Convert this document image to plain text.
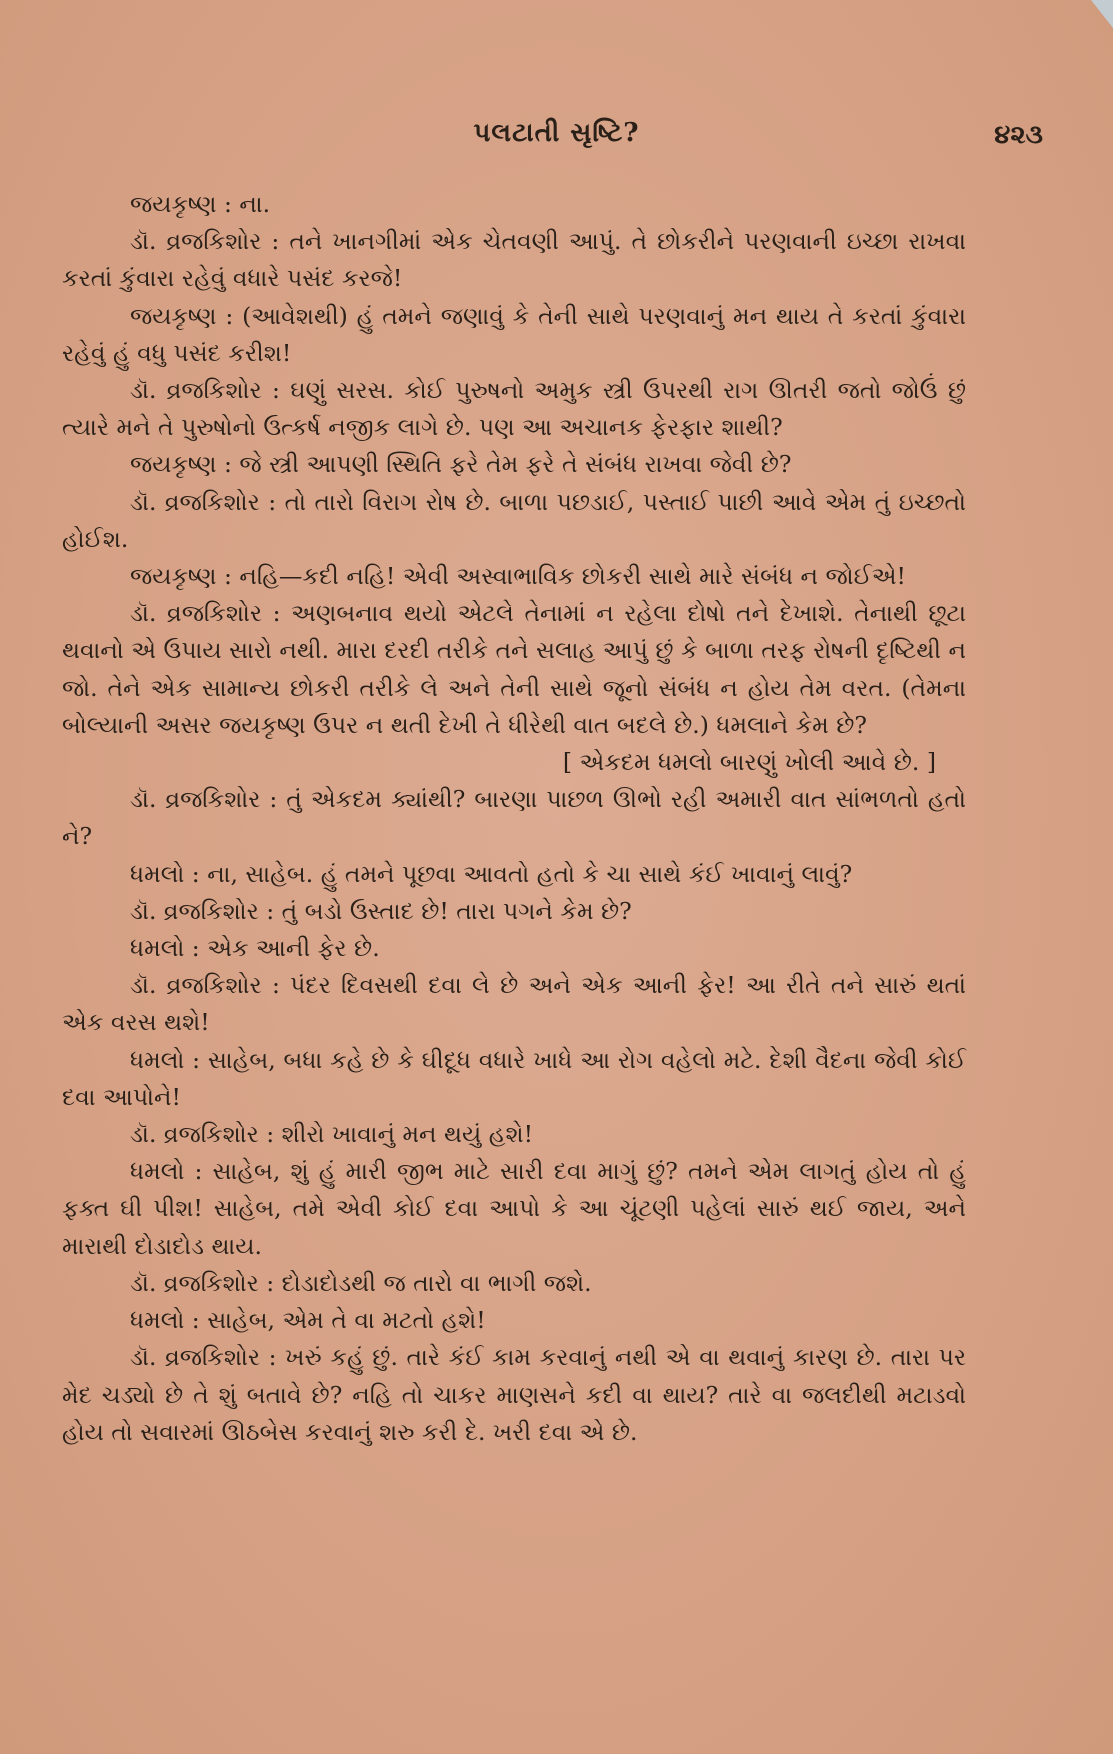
પલટાતી સૃષ્ટિ?	૪૨૩

જયકૃષ્ણ : ના.

ડૉ. વ્રજકિશોર : તને ખાનગીમાં એક ચેતવણી આપું. તે છોકરીને પરણવાની ઇચ્છા રાખવા કરતાં કુંવારા રહેવું વધારે પસંદ કરજે!

જયકૃષ્ણ : (આવેશથી) હું તમને જણાવું કે તેની સાથે પરણવાનું મન થાય તે કરતાં કુંવારા રહેવું હું વધુ પસંદ કરીશ!

ડૉ. વ્રજકિશોર : ઘણું સરસ. કોઈ પુરુષનો અમુક સ્ત્રી ઉપરથી રાગ ઊતરી જતો જોઉં છું ત્યારે મને તે પુરુષોનો ઉત્કર્ષ નજીક લાગે છે. પણ આ અચાનક ફેરફાર શાથી?

જયકૃષ્ણ : જે સ્ત્રી આપણી સ્થિતિ ફરે તેમ ફરે તે સંબંધ રાખવા જેવી છે?

ડૉ. વ્રજકિશોર : તો તારો વિરાગ રોષ છે. બાળા પછડાઈ, પસ્તાઈ પાછી આવે એમ તું ઇચ્છતો હોઈશ.

જયકૃષ્ણ : નહિ—કદી નહિ! એવી અસ્વાભાવિક છોકરી સાથે મારે સંબંધ ન જોઈએ!

ડૉ. વ્રજકિશોર : અણબનાવ થયો એટલે તેનામાં ન રહેલા દોષો તને દેખાશે. તેનાથી છૂટા થવાનો એ ઉપાય સારો નથી. મારા દરદી તરીકે તને સલાહ આપું છું કે બાળા તરફ રોષની દૃષ્ટિથી ન જો. તેને એક સામાન્ય છોકરી તરીકે લે અને તેની સાથે જૂનો સંબંધ ન હોય તેમ વરત. (તેમના બોલ્યાની અસર જયકૃષ્ણ ઉપર ન થતી દેખી તે ધીરેથી વાત બદલે છે.) ધમલાને કેમ છે?

[ એકદમ ધમલો બારણું ખોલી આવે છે. ]

ડૉ. વ્રજકિશોર : તું એકદમ ક્યાંથી? બારણા પાછળ ઊભો રહી અમારી વાત સાંભળતો હતો ને?

ધમલો : ના, સાહેબ. હું તમને પૂછવા આવતો હતો કે ચા સાથે કંઈ ખાવાનું લાવું?

ડૉ. વ્રજકિશોર : તું બડો ઉસ્તાદ છે! તારા પગને કેમ છે?

ધમલો : એક આની ફેર છે.

ડૉ. વ્રજકિશોર : પંદર દિવસથી દવા લે છે અને એક આની ફેર! આ રીતે તને સારું થતાં એક વરસ થશે!

ધમલો : સાહેબ, બધા કહે છે કે ઘીદૂધ વધારે ખાધે આ રોગ વહેલો મટે. દેશી વૈદના જેવી કોઈ દવા આપોને!

ડૉ. વ્રજકિશોર : શીરો ખાવાનું મન થયું હશે!

ધમલો : સાહેબ, શું હું મારી જીભ માટે સારી દવા માગું છું? તમને એમ લાગતું હોય તો હું ફક્ત ઘી પીશ! સાહેબ, તમે એવી કોઈ દવા આપો કે આ ચૂંટણી પહેલાં સારું થઈ જાય, અને મારાથી દોડાદોડ થાય.

ડૉ. વ્રજકિશોર : દોડાદોડથી જ તારો વા ભાગી જશે.

ધમલો : સાહેબ, એમ તે વા મટતો હશે!

ડૉ. વ્રજકિશોર : ખરું કહું છું. તારે કંઈ કામ કરવાનું નથી એ વા થવાનું કારણ છે. તારા પર મેદ ચડ્યો છે તે શું બતાવે છે? નહિ તો ચાકર માણસને કદી વા થાય? તારે વા જલદીથી મટાડવો હોય તો સવારમાં ઊઠબેસ કરવાનું શરુ કરી દે. ખરી દવા એ છે.
